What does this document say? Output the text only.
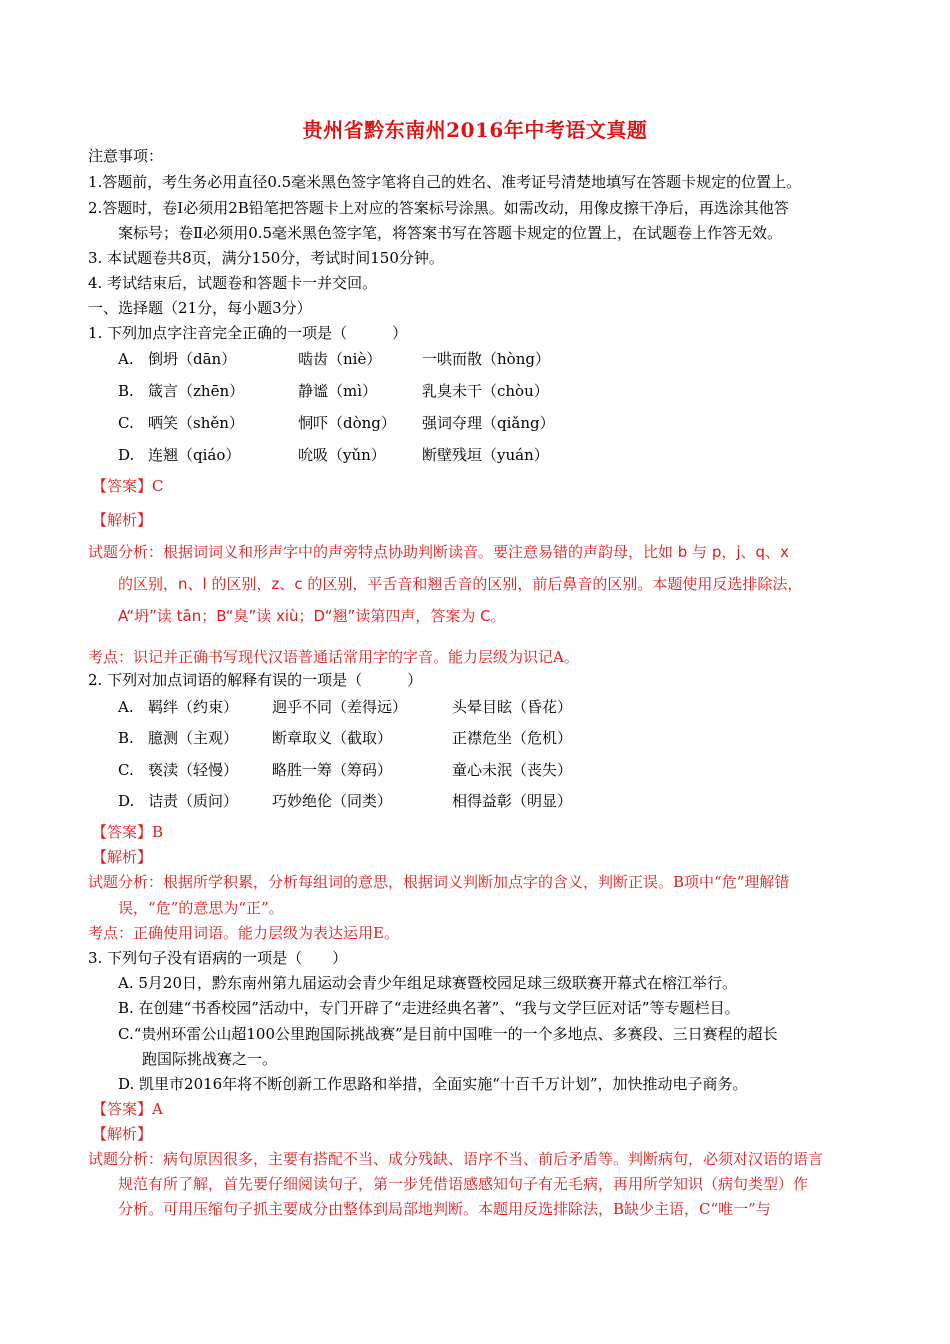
贵州省黔东南州2016年中考语文真题
注意事项：
1.答题前，考生务必用直径0.5毫米黑色签字笔将自己的姓名、准考证号清楚地填写在答题卡规定的位置上。
2.答题时，卷Ⅰ必须用2B铅笔把答题卡上对应的答案标号涂黑。如需改动，用像皮擦干净后，再选涂其他答
案标号；卷Ⅱ必须用0.5毫米黑色签字笔，将答案书写在答题卡规定的位置上，在试题卷上作答无效。
3. 本试题卷共8页，满分150分，考试时间150分钟。
4. 考试结束后，试题卷和答题卡一并交回。
一、选择题（21分，每小题3分）
1. 下列加点字注音完全正确的一项是（　　　）
A. 倒坍（dān）	啮齿（niè）	一哄而散（hòng）
B. 箴言（zhēn）	静谧（mì）	乳臭未干（chòu）
C. 哂笑（shěn）	恫吓（dòng） 强词夺理（qiǎng）
D. 连翘（qiáo）	吮吸（yǔn） 断壁残垣（yuán）
【答案】C
【解析】
试题分析：根据词词义和形声字中的声旁特点协助判断读音。要注意易错的声韵母，比如 b 与 p，j、q、x
的区别，n、l 的区别，z、c 的区别，平舌音和翘舌音的区别，前后鼻音的区别。本题使用反选排除法，
A“坍”读 tān；B“臭”读 xiù；D“翘”读第四声，答案为 C。
考点：识记并正确书写现代汉语普通话常用字的字音。能力层级为识记A。
2. 下列对加点词语的解释有误的一项是（　　　）
A. 羁绊（约束） 迥乎不同（差得远）	头晕目眩（昏花）
B. 臆测（主观） 断章取义（截取）	正襟危坐（危机）
C. 亵渎（轻慢） 略胜一筹（筹码）	童心未泯（丧失）
D. 诘责（质问） 巧妙绝伦（同类）	相得益彰（明显）
【答案】B
【解析】
试题分析：根据所学积累，分析每组词的意思，根据词义判断加点字的含义，判断正误。B项中“危”理解错
误，“危”的意思为“正”。
考点：正确使用词语。能力层级为表达运用E。
3. 下列句子没有语病的一项是（　　）
A. 5月20日，黔东南州第九届运动会青少年组足球赛暨校园足球三级联赛开幕式在榕江举行。
B. 在创建“书香校园”活动中，专门开辟了“走进经典名著”、“我与文学巨匠对话”等专题栏目。
C.“贵州环雷公山超100公里跑国际挑战赛”是目前中国唯一的一个多地点、多赛段、三日赛程的超长
跑国际挑战赛之一。
D. 凯里市2016年将不断创新工作思路和举措，全面实施“十百千万计划”，加快推动电子商务。
【答案】A
【解析】
试题分析：病句原因很多，主要有搭配不当、成分残缺、语序不当、前后矛盾等。判断病句，必须对汉语的语言
规范有所了解，首先要仔细阅读句子，第一步凭借语感感知句子有无毛病，再用所学知识（病句类型）作
分析。可用压缩句子抓主要成分由整体到局部地判断。本题用反选排除法，B缺少主语，C“唯一”与
